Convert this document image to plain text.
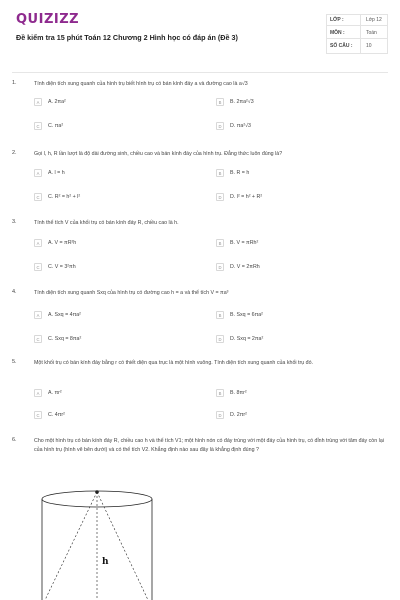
QUIZIZZ
Đề kiểm tra 15 phút Toán 12 Chương 2 Hình học có đáp án (Đề 3)
LỚP :	Lớp 12
MÔN :	Toán
SỐ CÂU :	10
1.	Tính diện tích xung quanh của hình trụ biết hình trụ có bán kính đáy a và đường cao là a√3
A	A. 2πa²	B	B. 2πa²√3
C	C. πa²	D	D. πa²√3
2.	Gọi l, h, R lần lượt là độ dài đường sinh, chiều cao và bán kính đáy của hình trụ. Đẳng thức luôn đúng là?
A	A. l = h	B	B. R = h
C	C. R² = h² + l²	D	D. l² = h² + R²
3.	Tính thể tích V của khối trụ có bán kính đáy R, chiều cao là h.
A	A. V = πR²h	B	B. V = πRh²
C	C. V = 3²πh	D	D. V = 2πRh
4.	Tính diện tích xung quanh Sxq của hình trụ có đường cao h = a và thể tích V = πa³
A	A. Sxq = 4πa²	B	B. Sxq = 6πa²
C	C. Sxq = 8πa²	D	D. Sxq = 2πa²
5.	Một khối trụ có bán kính đáy bằng r có thiết diện qua trục là một hình vuông. Tính diện tích xung quanh của khối trụ đó.
A	A. πr²	B	B. 8πr²
C	C. 4πr²	D	D. 2πr²
6.	Cho một hình trụ có bán kính đáy R, chiều cao h và thể tích V1; một hình nón có đáy trùng với một đáy của hình trụ, có đỉnh trùng với tâm đáy còn lại của hình trụ (hình vẽ bên dưới) và có thể tích V2. Khẳng định nào sau đây là khẳng định đúng ?
h
